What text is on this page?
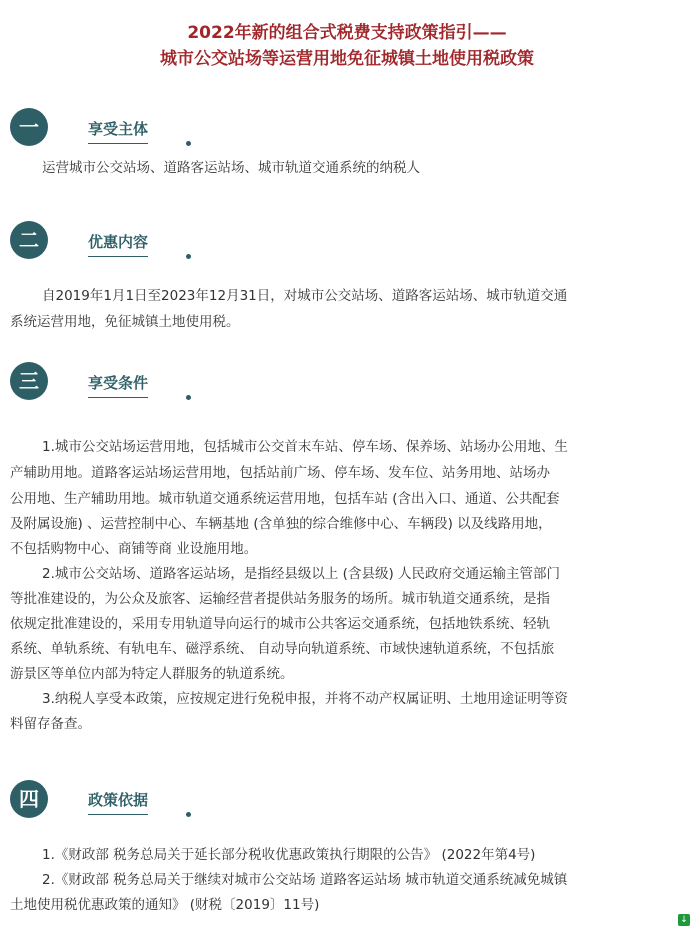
2022年新的组合式税费支持政策指引——
城市公交站场等运营用地免征城镇土地使用税政策
一	享受主体
运营城市公交站场、道路客运站场、城市轨道交通系统的纳税人
二	优惠内容
自2019年1月1日至2023年12月31日，对城市公交站场、道路客运站场、城市轨道交通
系统运营用地，免征城镇土地使用税。
三	享受条件
1.城市公交站场运营用地，包括城市公交首末车站、停车场、保养场、站场办公用地、生
产辅助用地。道路客运站场运营用地，包括站前广场、停车场、发车位、站务用地、站场办
公用地、生产辅助用地。城市轨道交通系统运营用地，包括车站 (含出入口、通道、公共配套
及附属设施) 、运营控制中心、车辆基地 (含单独的综合维修中心、车辆段) 以及线路用地，
不包括购物中心、商铺等商 业设施用地。
2.城市公交站场、道路客运站场，是指经县级以上 (含县级) 人民政府交通运输主管部门
等批准建设的，为公众及旅客、运输经营者提供站务服务的场所。城市轨道交通系统，是指
依规定批准建设的，采用专用轨道导向运行的城市公共客运交通系统，包括地铁系统、轻轨
系统、单轨系统、有轨电车、磁浮系统、 自动导向轨道系统、市域快速轨道系统，不包括旅
游景区等单位内部为特定人群服务的轨道系统。
3.纳税人享受本政策，应按规定进行免税申报，并将不动产权属证明、土地用途证明等资
料留存备查。
四	政策依据
1.《财政部 税务总局关于延长部分税收优惠政策执行期限的公告》 (2022年第4号)
2.《财政部 税务总局关于继续对城市公交站场 道路客运站场 城市轨道交通系统减免城镇
土地使用税优惠政策的通知》 (财税〔2019〕11号)
↓
